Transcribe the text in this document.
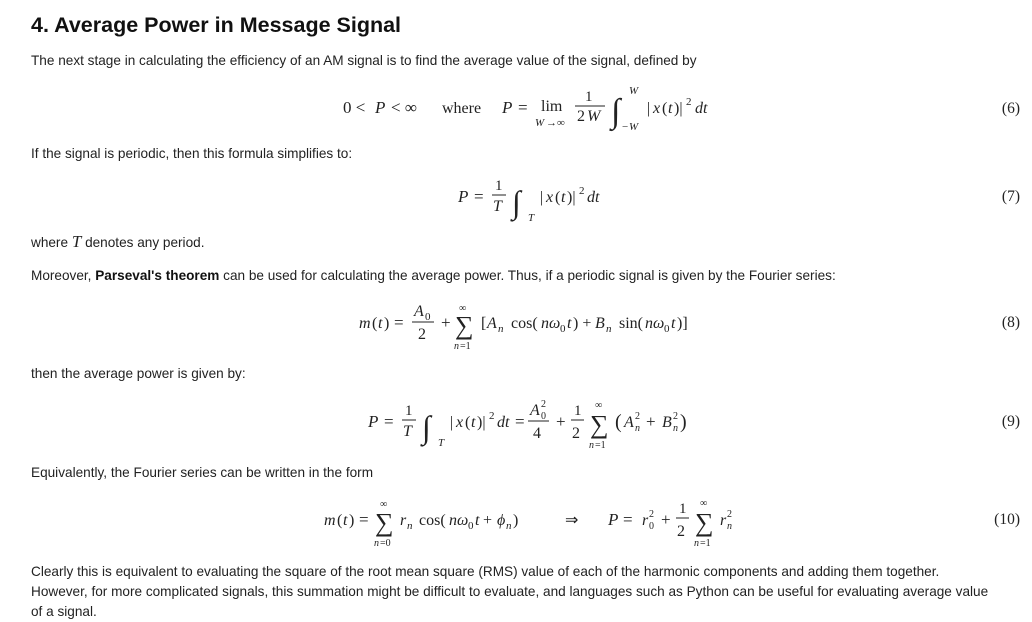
4. Average Power in Message Signal
The next stage in calculating the efficiency of an AM signal is to find the average value of the signal, defined by
0 < P < ∞ where P = lim
W →∞
1
2 W ∫
W
− W
| x ( t )| 2 dt	(6)
If the signal is periodic, then this formula simplifies to:
P =
1
T ∫ T
| x ( t )| 2 dt	(7)
where T denotes any period.
Moreover, Parseval's theorem can be used for calculating the average power. Thus, if a periodic signal is given by the Fourier series:
m ( t ) =
A 0
2
+
∞
∑
n =1
[ A n cos( nω 0 t ) + B n sin( nω 0 t )]	(8)
then the average power is given by:
P =
1
T ∫ T
| x ( t )| 2 dt =
A 2
0
4
+
1
2
∞
∑
n =1
( A 2
n + B 2
n )	(9)
Equivalently, the Fourier series can be written in the form
m ( t ) =
∞
∑
n =0
r n cos( nω 0 t + ϕ n )	⇒ P = r 2
0 +
1
2
∞
∑
n =1
r 2
n	(10)
Clearly this is equivalent to evaluating the square of the root mean square (RMS) value of each of the harmonic components and adding them together.
However, for more complicated signals, this summation might be difficult to evaluate, and languages such as Python can be useful for evaluating average value
of a signal.
